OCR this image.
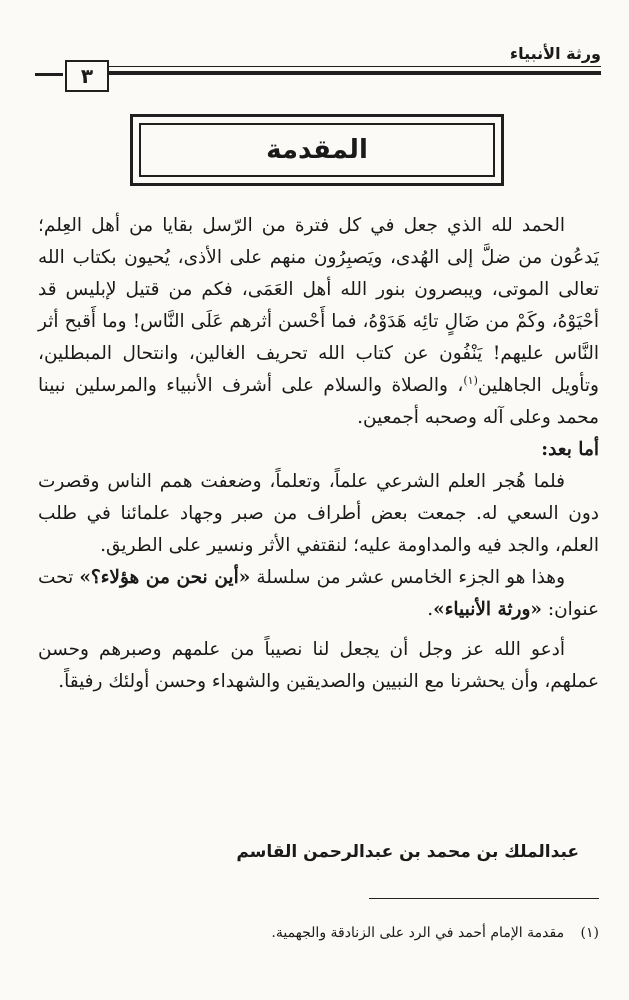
ورثة الأنبياء
٣
المقدمة

الحمد لله الذي جعل في كل فترة من الرّسل بقايا من أهل العِلم؛ يَدعُون من ضلَّ إلى الهُدى، ويَصبِرُون منهم على الأذى، يُحيون بكتاب الله تعالى الموتى، ويبصرون بنور الله أهل العَمَى، فكم من قتيل لإبليس قد أحْيَوْهُ، وكَمْ من ضَالٍ تائِه هَدَوْهُ، فما أَحْسن أثرهم عَلَى النَّاس! وما أَقبح أثر النَّاس عليهم! يَنْفُون عن كتاب الله تحريف الغالين، وانتحال المبطلين، وتأويل الجاهلين$^{(١)}$، والصلاة والسلام على أشرف الأنبياء والمرسلين نبينا محمد وعلى آله وصحبه أجمعين.

أما بعد:

فلما هُجر العلم الشرعي علماً، وتعلماً، وضعفت همم الناس وقصرت دون السعي له. جمعت بعض أطراف من صبر وجهاد علمائنا في طلب العلم، والجد فيه والمداومة عليه؛ لنقتفي الأثر ونسير على الطريق.

وهذا هو الجزء الخامس عشر من سلسلة «أين نحن من هؤلاء؟» تحت عنوان: «ورثة الأنبياء».

أدعو الله عز وجل أن يجعل لنا نصيباً من علمهم وصبرهم وحسن عملهم، وأن يحشرنا مع النبيين والصديقين والشهداء وحسن أولئك رفيقاً.

عبدالملك بن محمد بن عبدالرحمن القاسم
(١) مقدمة الإمام أحمد في الرد على الزنادقة والجهمية.
